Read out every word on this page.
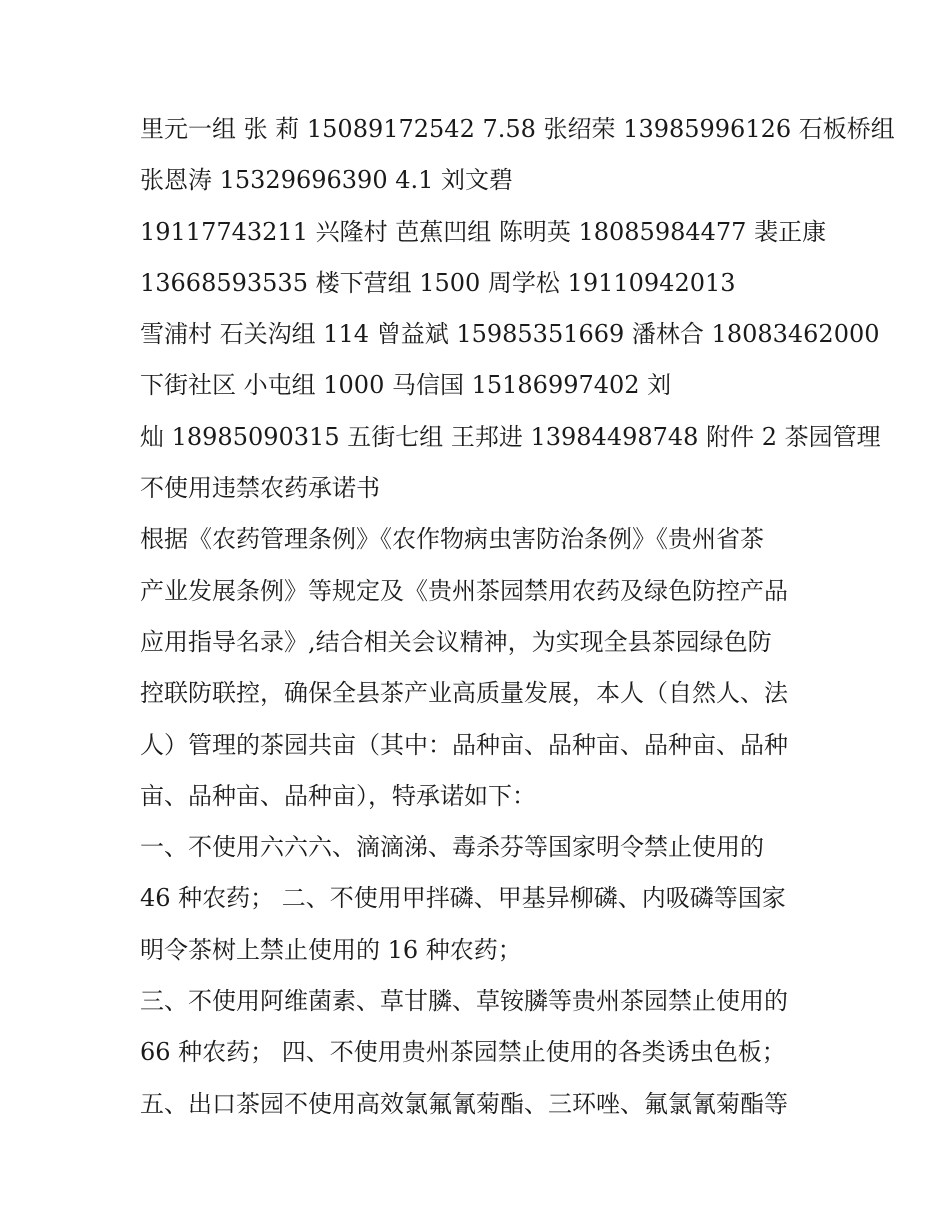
里元一组 张 莉 15089172542 7.58 张绍荣 13985996126 石板桥组
张恩涛 15329696390 4.1 刘文碧
19117743211 兴隆村 芭蕉凹组 陈明英 18085984477 裴正康
13668593535 楼下营组 1500 周学松 19110942013
雪浦村 石关沟组 114 曾益斌 15985351669 潘林合 18083462000
下街社区 小屯组 1000 马信国 15186997402 刘
灿 18985090315 五街七组 王邦进 13984498748 附件 2 茶园管理
不使用违禁农药承诺书
根据《农药管理条例》《农作物病虫害防治条例》《贵州省茶
产业发展条例》等规定及《贵州茶园禁用农药及绿色防控产品
应用指导名录》,结合相关会议精神，为实现全县茶园绿色防
控联防联控，确保全县茶产业高质量发展，本人（自然人、法
人）管理的茶园共亩（其中：品种亩、品种亩、品种亩、品种
亩、品种亩、品种亩），特承诺如下：
一、不使用六六六、滴滴涕、毒杀芬等国家明令禁止使用的
46 种农药； 二、不使用甲拌磷、甲基异柳磷、内吸磷等国家
明令茶树上禁止使用的 16 种农药；
三、不使用阿维菌素、草甘膦、草铵膦等贵州茶园禁止使用的
66 种农药； 四、不使用贵州茶园禁止使用的各类诱虫色板；
五、出口茶园不使用高效氯氟氰菊酯、三环唑、氟氯氰菊酯等
